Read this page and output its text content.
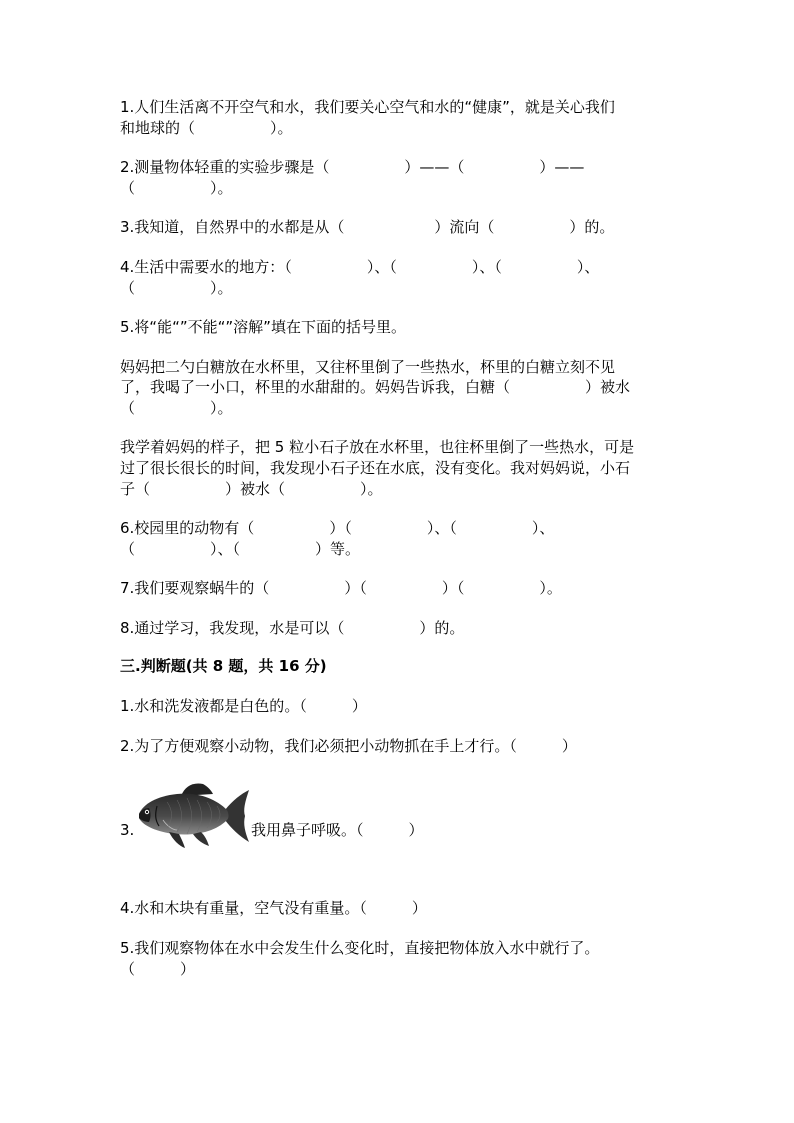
1.人们生活离不开空气和水，我们要关心空气和水的“健康”，就是关心我们
和地球的（　　　　　）。
2.测量物体轻重的实验步骤是（　　　　　）——（　　　　　）——
（　　　　　）。
3.我知道，自然界中的水都是从（　　　　　　）流向（　　　　　）的。
4.生活中需要水的地方：（　　　　　）、（　　　　　）、（　　　　　）、
（　　　　　）。
5.将“能“”不能“”溶解”填在下面的括号里。
妈妈把二勺白糖放在水杯里，又往杯里倒了一些热水，杯里的白糖立刻不见
了，我喝了一小口，杯里的水甜甜的。妈妈告诉我，白糖（　　　　　）被水
（　　　　　）。
我学着妈妈的样子，把 5 粒小石子放在水杯里，也往杯里倒了一些热水，可是
过了很长很长的时间，我发现小石子还在水底，没有变化。我对妈妈说，小石
子（　　　　　）被水（　　　　　）。
6.校园里的动物有（　　　　　）（　　　　　）、（　　　　　）、
（　　　　　）、（　　　　　）等。
7.我们要观察蜗牛的（　　　　　）（　　　　　）（　　　　　）。
8.通过学习，我发现，水是可以（　　　　　）的。
三.判断题(共 8 题，共 16 分)
1.水和洗发液都是白色的。（　　　）
2.为了方便观察小动物，我们必须把小动物抓在手上才行。（　　　）
3.	我用鼻子呼吸。（　　　）
4.水和木块有重量，空气没有重量。（　　　）
5.我们观察物体在水中会发生什么变化时，直接把物体放入水中就行了。
（　　　）
